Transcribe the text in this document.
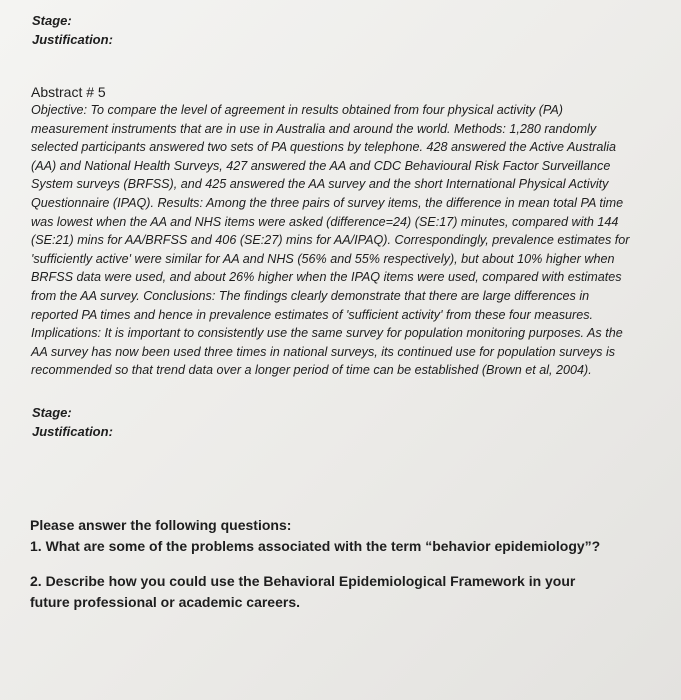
Stage:
Justification:
Abstract # 5
Objective: To compare the level of agreement in results obtained from four physical activity (PA)
measurement instruments that are in use in Australia and around the world. Methods: 1,280 randomly
selected participants answered two sets of PA questions by telephone. 428 answered the Active Australia
(AA) and National Health Surveys, 427 answered the AA and CDC Behavioural Risk Factor Surveillance
System surveys (BRFSS), and 425 answered the AA survey and the short International Physical Activity
Questionnaire (IPAQ). Results: Among the three pairs of survey items, the difference in mean total PA time
was lowest when the AA and NHS items were asked (difference=24) (SE:17) minutes, compared with 144
(SE:21) mins for AA/BRFSS and 406 (SE:27) mins for AA/IPAQ). Correspondingly, prevalence estimates for
'sufficiently active' were similar for AA and NHS (56% and 55% respectively), but about 10% higher when
BRFSS data were used, and about 26% higher when the IPAQ items were used, compared with estimates
from the AA survey. Conclusions: The findings clearly demonstrate that there are large differences in
reported PA times and hence in prevalence estimates of 'sufficient activity' from these four measures.
Implications: It is important to consistently use the same survey for population monitoring purposes. As the
AA survey has now been used three times in national surveys, its continued use for population surveys is
recommended so that trend data over a longer period of time can be established (Brown et al, 2004).
Stage:
Justification:
Please answer the following questions:
1. What are some of the problems associated with the term “behavior epidemiology”?
2. Describe how you could use the Behavioral Epidemiological Framework in your
future professional or academic careers.
